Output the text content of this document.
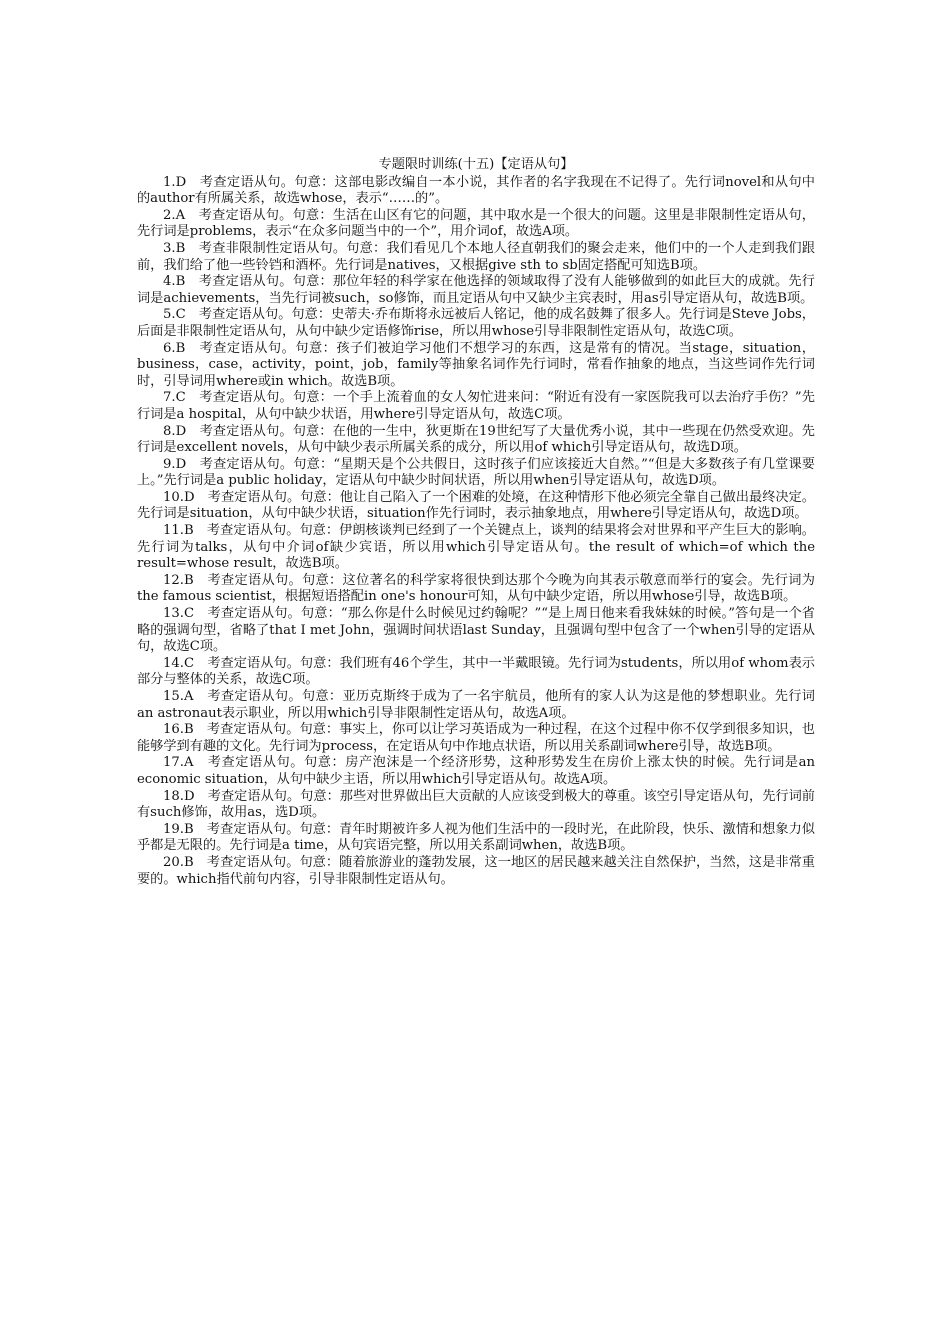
专题限时训练(十五)【定语从句】

1.D　考查定语从句。句意：这部电影改编自一本小说，其作者的名字我现在不记得了。先行词novel和从句中的author有所属关系，故选whose，表示“……的”。

2.A　考查定语从句。句意：生活在山区有它的问题，其中取水是一个很大的问题。这里是非限制性定语从句，先行词是problems，表示“在众多问题当中的一个”，用介词of，故选A项。

3.B　考查非限制性定语从句。句意：我们看见几个本地人径直朝我们的聚会走来，他们中的一个人走到我们跟前，我们给了他一些铃铛和酒杯。先行词是natives，又根据give sth to sb固定搭配可知选B项。

4.B　考查定语从句。句意：那位年轻的科学家在他选择的领域取得了没有人能够做到的如此巨大的成就。先行词是achievements，当先行词被such，so修饰，而且定语从句中又缺少主宾表时，用as引导定语从句，故选B项。

5.C　考查定语从句。句意：史蒂夫·乔布斯将永远被后人铭记，他的成名鼓舞了很多人。先行词是Steve Jobs，后面是非限制性定语从句，从句中缺少定语修饰rise，所以用whose引导非限制性定语从句，故选C项。

6.B　考查定语从句。句意：孩子们被迫学习他们不想学习的东西，这是常有的情况。当stage，situation，business，case，activity，point，job，family等抽象名词作先行词时，常看作抽象的地点，当这些词作先行词时，引导词用where或in which。故选B项。

7.C　考查定语从句。句意：一个手上流着血的女人匆忙进来问：“附近有没有一家医院我可以去治疗手伤？”先行词是a hospital，从句中缺少状语，用where引导定语从句，故选C项。

8.D　考查定语从句。句意：在他的一生中，狄更斯在19世纪写了大量优秀小说，其中一些现在仍然受欢迎。先行词是excellent novels，从句中缺少表示所属关系的成分，所以用of which引导定语从句，故选D项。

9.D　考查定语从句。句意：“星期天是个公共假日，这时孩子们应该接近大自然。”“但是大多数孩子有几堂课要上。”先行词是a public holiday，定语从句中缺少时间状语，所以用when引导定语从句，故选D项。

10.D　考查定语从句。句意：他让自己陷入了一个困难的处境，在这种情形下他必须完全靠自己做出最终决定。先行词是situation，从句中缺少状语，situation作先行词时，表示抽象地点，用where引导定语从句，故选D项。

11.B　考查定语从句。句意：伊朗核谈判已经到了一个关键点上，谈判的结果将会对世界和平产生巨大的影响。先行词为talks，从句中介词of缺少宾语，所以用which引导定语从句。the result of which=of which the result=whose result，故选B项。

12.B　考查定语从句。句意：这位著名的科学家将很快到达那个今晚为向其表示敬意而举行的宴会。先行词为the famous scientist，根据短语搭配in one's honour可知，从句中缺少定语，所以用whose引导，故选B项。

13.C　考查定语从句。句意：“那么你是什么时候见过约翰呢？”“是上周日他来看我妹妹的时候。”答句是一个省略的强调句型，省略了that I met John，强调时间状语last Sunday，且强调句型中包含了一个when引导的定语从句，故选C项。

14.C　考查定语从句。句意：我们班有46个学生，其中一半戴眼镜。先行词为students，所以用of whom表示部分与整体的关系，故选C项。

15.A　考查定语从句。句意：亚历克斯终于成为了一名宇航员，他所有的家人认为这是他的梦想职业。先行词an astronaut表示职业，所以用which引导非限制性定语从句，故选A项。

16.B　考查定语从句。句意：事实上，你可以让学习英语成为一种过程，在这个过程中你不仅学到很多知识，也能够学到有趣的文化。先行词为process，在定语从句中作地点状语，所以用关系副词where引导，故选B项。

17.A　考查定语从句。句意：房产泡沫是一个经济形势，这种形势发生在房价上涨太快的时候。先行词是an economic situation，从句中缺少主语，所以用which引导定语从句。故选A项。

18.D　考查定语从句。句意：那些对世界做出巨大贡献的人应该受到极大的尊重。该空引导定语从句，先行词前有such修饰，故用as，选D项。

19.B　考查定语从句。句意：青年时期被许多人视为他们生活中的一段时光，在此阶段，快乐、激情和想象力似乎都是无限的。先行词是a time，从句宾语完整，所以用关系副词when，故选B项。

20.B　考查定语从句。句意：随着旅游业的蓬勃发展，这一地区的居民越来越关注自然保护，当然，这是非常重要的。which指代前句内容，引导非限制性定语从句。
